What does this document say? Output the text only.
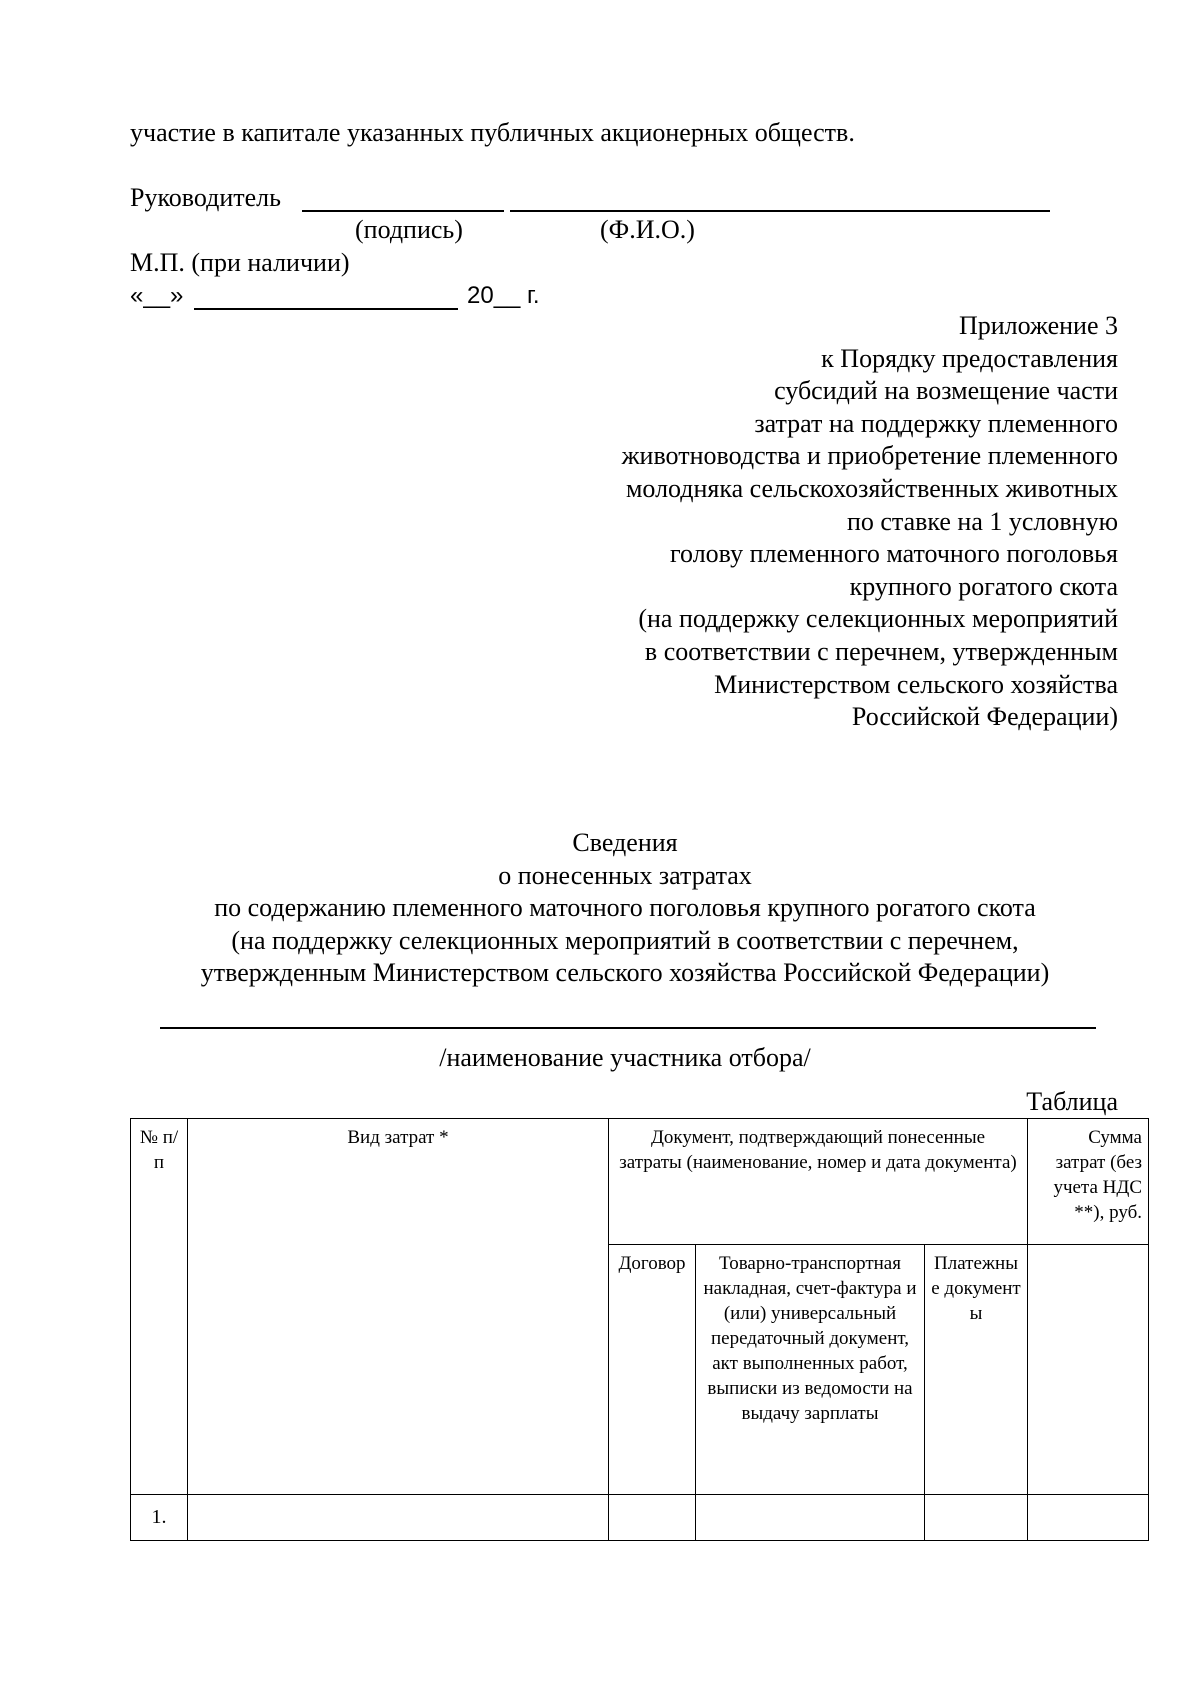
участие в капитале указанных публичных акционерных обществ.
Руководитель
(подпись)	(Ф.И.О.)
М.П. (при наличии)
«__»	20__ г.
Приложение 3
к Порядку предоставления
субсидий на возмещение части
затрат на поддержку племенного
животноводства и приобретение племенного
молодняка сельскохозяйственных животных
по ставке на 1 условную
голову племенного маточного поголовья
крупного рогатого скота
(на поддержку селекционных мероприятий
в соответствии с перечнем, утвержденным
Министерством сельского хозяйства
Российской Федерации)
Сведения
о понесенных затратах
по содержанию племенного маточного поголовья крупного рогатого скота
(на поддержку селекционных мероприятий в соответствии с перечнем,
утвержденным Министерством сельского хозяйства Российской Федерации)
/наименование участника отбора/
Таблица
№ п/п	Вид затрат *	Документ, подтверждающий понесенные затраты (наименование, номер и дата документа)			Сумма затрат (без учета НДС **), руб.
		Договор	Товарно-транспортная накладная, счет-фактура и (или) универсальный передаточный документ, акт выполненных работ, выписки из ведомости на выдачу зарплаты	Платежные документы	
1.					
